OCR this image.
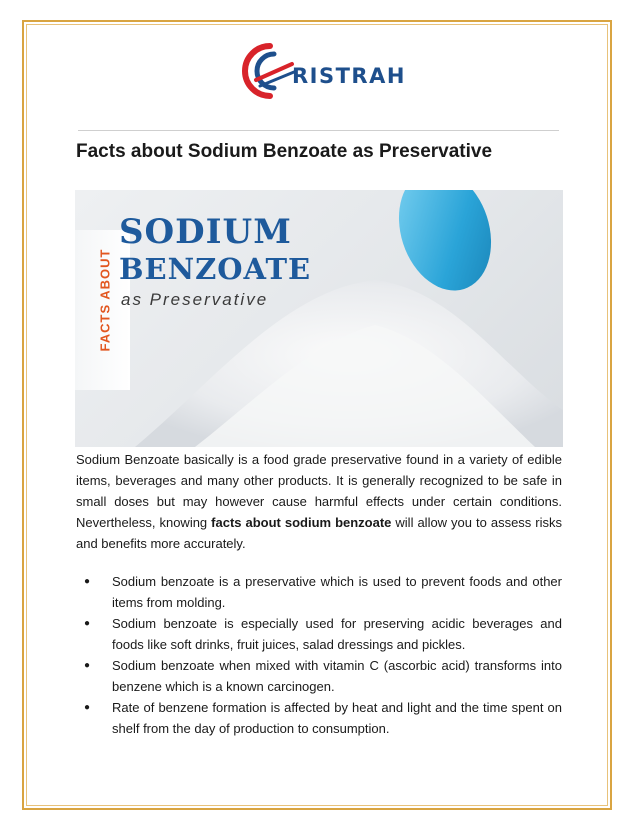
RISTRAH
Facts about Sodium Benzoate as Preservative
FACTS ABOUT
SODIUM
BENZOATE
as Preservative

Sodium Benzoate basically is a food grade preservative found in a variety of edible items, beverages and many other products. It is generally recognized to be safe in small doses but may however cause harmful effects under certain conditions. Nevertheless, knowing facts about sodium benzoate will allow you to assess risks and benefits more accurately.

● Sodium benzoate is a preservative which is used to prevent foods and other items from molding.
● Sodium benzoate is especially used for preserving acidic beverages and foods like soft drinks, fruit juices, salad dressings and pickles.
● Sodium benzoate when mixed with vitamin C (ascorbic acid) transforms into benzene which is a known carcinogen.
● Rate of benzene formation is affected by heat and light and the time spent on shelf from the day of production to consumption.
